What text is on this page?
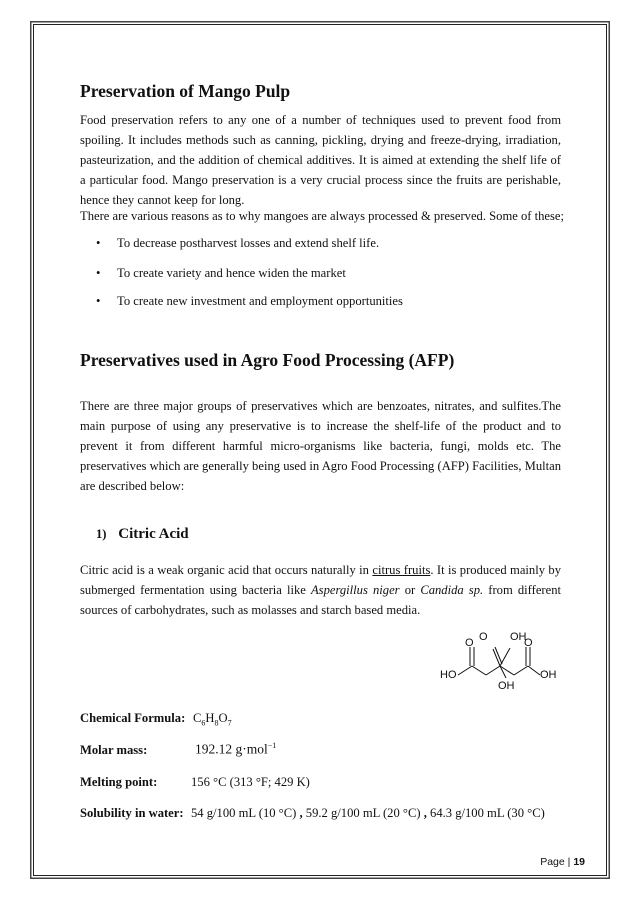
Preservation of Mango Pulp

Food preservation refers to any one of a number of techniques used to prevent food from spoiling. It includes methods such as canning, pickling, drying and freeze-drying, irradiation, pasteurization, and the addition of chemical additives. It is aimed at extending the shelf life of a particular food. Mango preservation is a very crucial process since the fruits are perishable, hence they cannot keep for long.

There are various reasons as to why mangoes are always processed & preserved. Some of these;

• To decrease postharvest losses and extend shelf life.
• To create variety and hence widen the market
• To create new investment and employment opportunities
Preservatives used in Agro Food Processing (AFP)

There are three major groups of preservatives which are benzoates, nitrates, and sulfites.The main purpose of using any preservative is to increase the shelf-life of the product and to prevent it from different harmful micro-organisms like bacteria, fungi, molds etc. The preservatives which are generally being used in Agro Food Processing (AFP) Facilities, Multan are described below:

1) Citric Acid

Citric acid is a weak organic acid that occurs naturally in citrus fruits. It is produced mainly by submerged fermentation using bacteria like Aspergillus niger or Candida sp. from different sources of carbohydrates, such as molasses and starch based media.

O OH
O	O
HO	OH
OH
Chemical Formula: $C_6H_8O_7$
Molar mass:	192.12 g·mol$^{-1}$
Melting point:	156 °C (313 °F; 429 K)
Solubility in water: 54 g/100 mL (10 °C) , 59.2 g/100 mL (20 °C) , 64.3 g/100 mL (30 °C)
Page | 19
